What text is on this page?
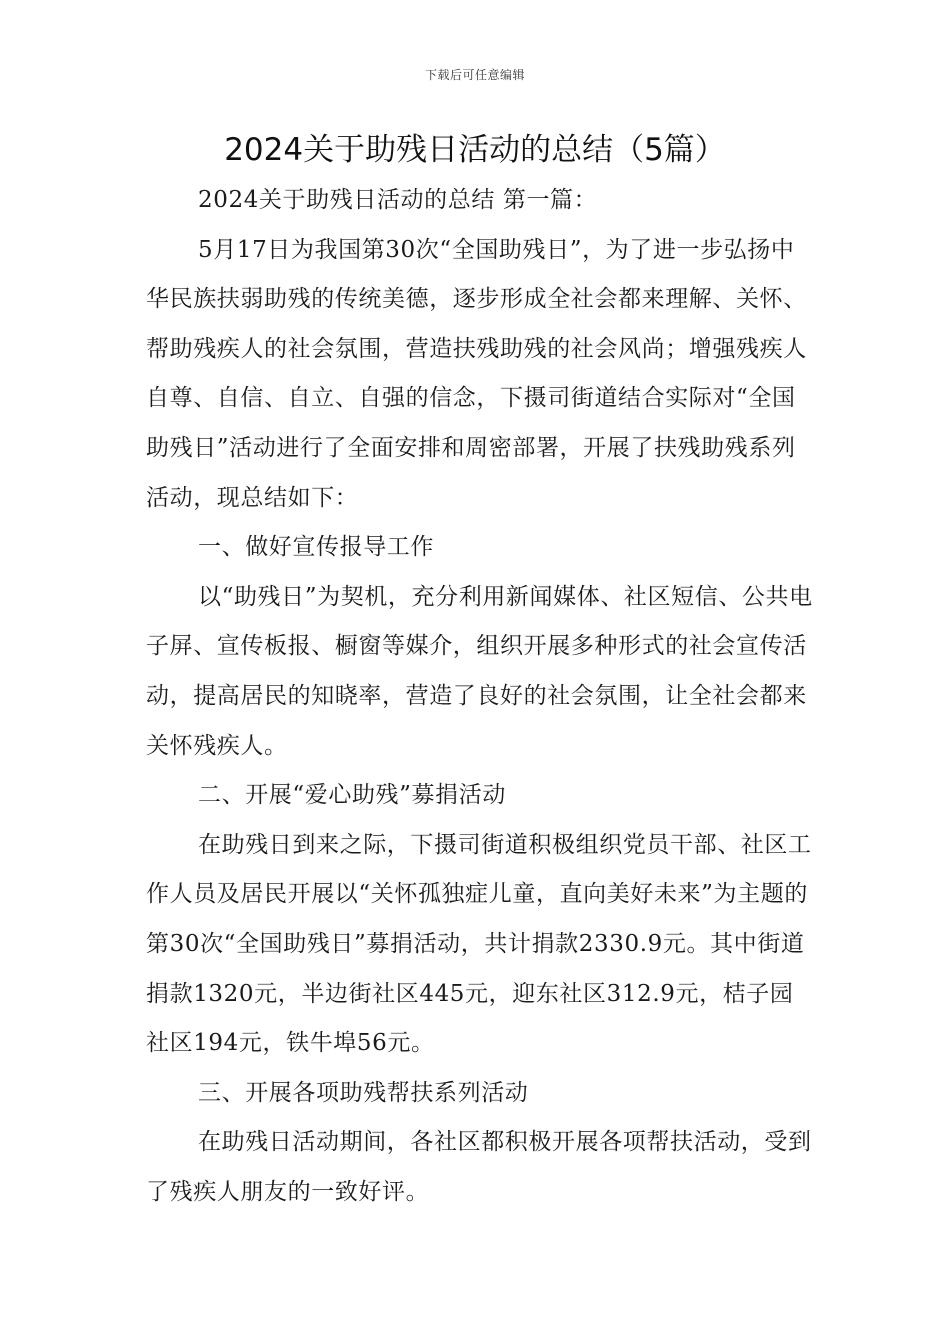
下载后可任意编辑
2024关于助残日活动的总结（5篇）

2024关于助残日活动的总结 第一篇：

5月17日为我国第30次“全国助残日”，为了进一步弘扬中华民族扶弱助残的传统美德，逐步形成全社会都来理解、关怀、帮助残疾人的社会氛围，营造扶残助残的社会风尚；增强残疾人自尊、自信、自立、自强的信念，下摄司街道结合实际对“全国助残日”活动进行了全面安排和周密部署，开展了扶残助残系列活动，现总结如下：

一、做好宣传报导工作

以“助残日”为契机，充分利用新闻媒体、社区短信、公共电子屏、宣传板报、橱窗等媒介，组织开展多种形式的社会宣传活动，提高居民的知晓率，营造了良好的社会氛围，让全社会都来关怀残疾人。

二、开展“爱心助残”募捐活动

在助残日到来之际，下摄司街道积极组织党员干部、社区工作人员及居民开展以“关怀孤独症儿童，直向美好未来”为主题的第30次“全国助残日”募捐活动，共计捐款2330.9元。其中街道捐款1320元，半边街社区445元，迎东社区312.9元，桔子园社区194元，铁牛埠56元。

三、开展各项助残帮扶系列活动

在助残日活动期间，各社区都积极开展各项帮扶活动，受到了残疾人朋友的一致好评。
